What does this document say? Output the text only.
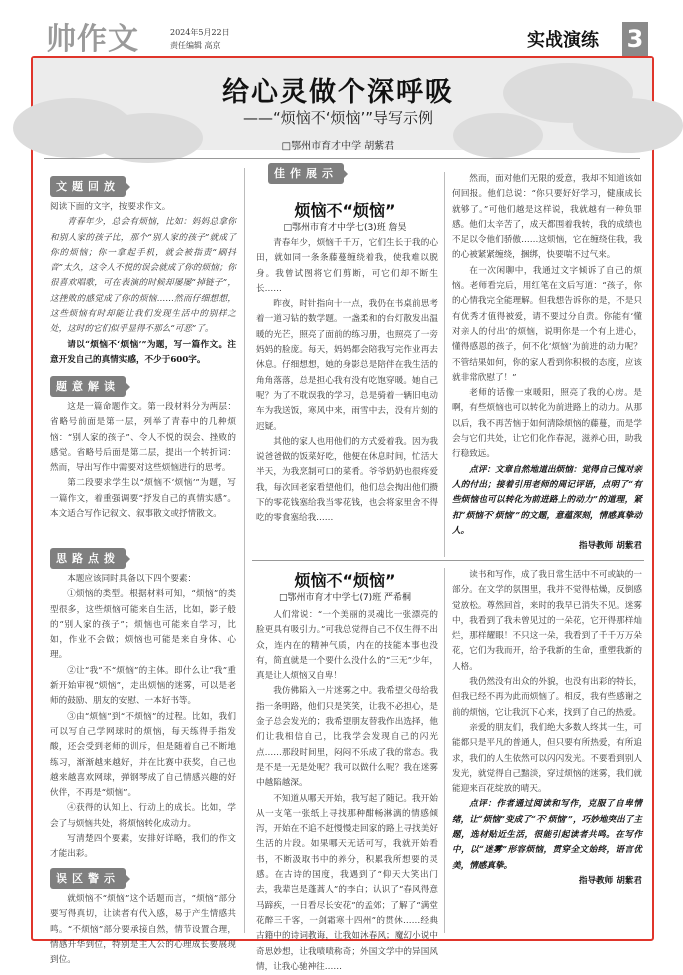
帅作文	2024年5月22日
责任编辑 高京	实战演练 3
给心灵做个深呼吸
——“烦恼不‘烦恼’”导写示例
□鄂州市育才中学 胡紫君
文题回放

阅读下面的文字，按要求作文。

青春年少，总会有烦恼，比如：妈妈总拿你和别人家的孩子比，那个“别人家的孩子”就成了你的烦恼；你一拿起手机，就会被指责“刷抖音”太久，这令人不悦的误会就成了你的烦恼；你很喜欢唱歌，可在表演的时候却屡屡“掉链子”，这挫败的感觉成了你的烦恼……然而仔细想想，这些烦恼有时却能让我们发现生活中的别样之处，这时的它们似乎显得不那么“可恶”了。

请以“烦恼不‘烦恼’”为题，写一篇作文。注意开发自己的真情实感，不少于600字。

题意解读

这是一篇命题作文。第一段材料分为两层：省略号前面是第一层，列举了青春中的几种烦恼：“别人家的孩子”、令人不悦的误会、挫败的感觉。省略号后面是第二层，提出一个转折词：然而，导出写作中需要对这些烦恼进行的思考。

第二段要求学生以“烦恼不‘烦恼’”为题，写一篇作文，着重强调要“抒发自己的真情实感”。本文适合写作记叙文、叙事散文或抒情散文。

思路点拨

本题应该同时具备以下四个要素：

①烦恼的类型。根据材料可知，“烦恼”的类型很多，这些烦恼可能来自生活，比如，影子般的“别人家的孩子”；烦恼也可能来自学习，比如，作业不会做；烦恼也可能是来自身体、心理。

②让“我”不“烦恼”的主体。即什么让“我”重新开始审视“烦恼”，走出烦恼的迷雾，可以是老师的鼓励、朋友的安慰、一本好书等。

③由“烦恼”到“不烦恼”的过程。比如，我们可以写自己学网球时的烦恼，每天练得手指发酸，还会受到老师的训斥，但是随着自己不断地练习，渐渐越来越好，并在比赛中获奖，自己也越来越喜欢网球，弹钢琴成了自己情感兴趣的好伙伴，不再是“烦恼”。

④获得的认知上、行动上的成长。比如，学会了与烦恼共处，将烦恼转化成动力。

写清楚四个要素，安排好详略，我们的作文才能出彩。

误区警示

就烦恼不“烦恼”这个话题而言，“烦恼”部分要写得真切，让读者有代入感，易于产生情感共鸣。“不烦恼”部分要承接自然，情节设置合理，情感升华到位，特别是主人公的心理成长要展现到位。

佳作展示
烦恼不“烦恼”
□鄂州市育才中学七(3)班 詹昊

青春年少，烦恼千千万，它们生长于我的心田，就如同一条条藤蔓缠绕着我，使我难以脱身。我曾试图将它们剪断，可它们却不断生长……

昨夜，时针指向十一点，我仍在书桌前思考着一道习钻的数学题。一盏柔和的台灯散发出温暖的光芒，照亮了面前的练习册，也照亮了一旁妈妈的脸庞。每天，妈妈都会陪我写完作业再去休息。仔细想想，她的身影总是陪伴在我生活的角角落落，总是担心我有没有吃饱穿暖。她自己呢？为了不耽误我的学习，总是骑着一辆旧电动车为我送饭，寒风中来，雨雪中去，没有片刻的迟疑。

其他的家人也用他们的方式爱着我。因为我说爸爸做的饭菜好吃，他便在休息时间，忙活大半天，为我烹制可口的菜肴。爷爷奶奶也很疼爱我，每次回老家看望他们，他们总会掏出他们攒下的零花钱塞给我当零花钱，也会将家里舍不得吃的零食塞给我……

然而，面对他们无限的爱意，我却不知道该如何回报。他们总说：“你只要好好学习，健康成长就够了。”可他们越是这样说，我就越有一种负罪感。他们太辛苦了，成天都围着我转，我的成绩也不足以令他们骄傲……这烦恼，它在缠绕住我，我的心被紧紧缠绕，捆绑，快要喘不过气来。

在一次闲聊中，我通过文字倾诉了自己的烦恼。老师看完后，用红笔在文后写道：“孩子，你的心情我完全能理解。但我想告诉你的是，不是只有优秀才值得被爱，请不要过分自责。你能有‘懂对亲人的付出’的烦恼，说明你是一个有上进心，懂得感恩的孩子，何不化‘烦恼’为前进的动力呢？不管结果如何，你的家人看到你积极的态度，应该就非常欣慰了！”

老师的话像一束暖阳，照亮了我的心房。是啊，有些烦恼也可以转化为前进路上的动力。从那以后，我不再苦恼于如何清除烦恼的藤蔓，而是学会与它们共处，让它们化作春泥，滋养心田，助我行稳致远。

点评：文章自然地道出烦恼：觉得自己愧对亲人的付出；接着引用老师的周记评语，点明了“有些烦恼也可以转化为前进路上的动力”的道理，紧扣“烦恼不‘烦恼’”的文题，意蕴深刻，情感真挚动人。

指导教师 胡紫君

烦恼不“烦恼”
□鄂州市育才中学七(7)班 严希桐

人们常说：“一个美丽的灵魂比一张漂亮的脸更具有吸引力。”可我总觉得自己不仅生得不出众，连内在的精神气质，内在的技能本事也没有，简直就是一个要什么没什么的“三无”少年，真是让人烦恼又自卑！

我仿佛陷入一片迷雾之中。我希望父母给我指一条明路，他们只是笑笑，让我不必担心，是金子总会发光的；我希望朋友替我作出选择，他们让我相信自己，比我学会发现自己的闪光点……那段时间里，闷闷不乐成了我的常态。我是不是一无是处呢？我可以做什么呢？我在迷雾中越陷越深。

不知道从哪天开始，我写起了随记。我开始从一支笔一张纸上寻找那种酣畅淋漓的情感倾泻，开始在不追不赶慢慢走回家的路上寻找美好生活的片段。如果哪天无话可写，我就开始看书，不断汲取书中的养分，积累我所想要的灵感。在古诗的国度，我遇到了“仰天大笑出门去，我辈岂是蓬蒿人”的李白；认识了“春风得意马蹄疾，一日看尽长安花”的孟郊；了解了“满堂花醉三千客，一剑霜寒十四州”的贯休……经典古籍中的诗词教诲，让我如沐春风；魔幻小说中奇思妙想，让我啧啧称奇；外国文学中的异国风情，让我心驰神往……

读书和写作，成了我日常生活中不可或缺的一部分。在文学的氛围里，我并不觉得枯燥，反倒感觉放松。尊然回首，来时的我早已消失不见。迷雾中，我看到了我未曾见过的一朵花，它开得那样灿烂，那样耀眼！不只这一朵，我看到了千千万万朵花，它们为我而开，给予我新的生命，重塑我新的人格。

我仍然没有出众的外貌，也没有出彩的特长，但我已经不再为此而烦恼了。相反，我有些感谢之前的烦恼，它让我沉下心来，找到了自己的热爱。

亲爱的朋友们，我们绝大多数人终其一生，可能都只是平凡的普通人，但只要有所热爱，有所追求，我们的人生依然可以闪闪发光。不要看到别人发光，就觉得自己黯淡，穿过烦恼的迷雾，我们就能迎来百花绽放的晴天。

点评：作者通过阅读和写作，克服了自卑情绪，让“烦恼”变成了“不‘烦恼’”，巧妙地突出了主题，选材贴近生活，很能引起读者共鸣。在写作中，以“迷雾”形容烦恼，贯穿全文始终，语言优美，情感真挚。

指导教师 胡紫君
